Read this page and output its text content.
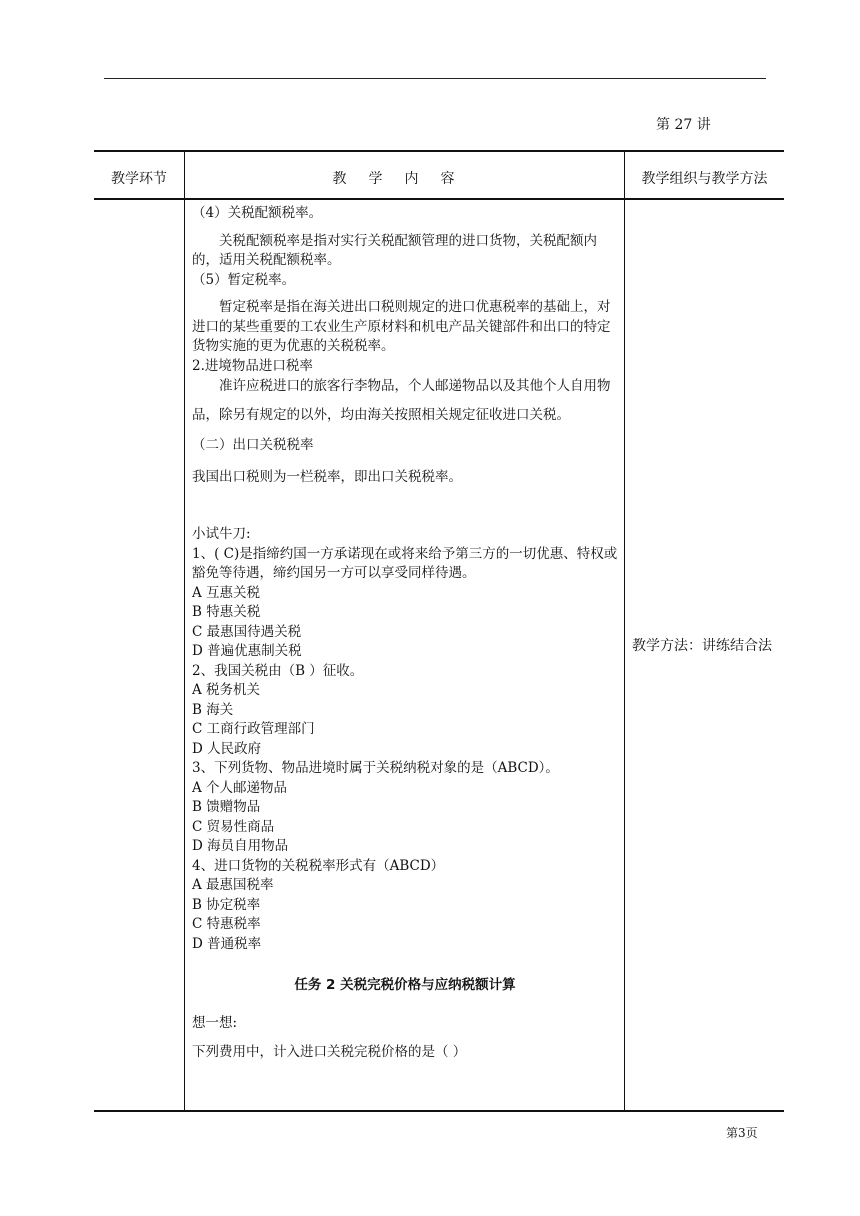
第 27 讲
教学环节	教学内容	教学组织与教学方法

（4）关税配额税率。

关税配额税率是指对实行关税配额管理的进口货物，关税配额内的，适用关税配额税率。

（5）暂定税率。

暂定税率是指在海关进出口税则规定的进口优惠税率的基础上，对进口的某些重要的工农业生产原材料和机电产品关键部件和出口的特定货物实施的更为优惠的关税税率。

2.进境物品进口税率

准许应税进口的旅客行李物品，个人邮递物品以及其他个人自用物品，除另有规定的以外，均由海关按照相关规定征收进口关税。

（二）出口关税税率

我国出口税则为一栏税率，即出口关税税率。

小试牛刀:

1、( C)是指缔约国一方承诺现在或将来给予第三方的一切优惠、特权或豁免等待遇，缔约国另一方可以享受同样待遇。

A 互惠关税

B 特惠关税

C 最惠国待遇关税

D 普遍优惠制关税

2、我国关税由（B ）征收。

A 税务机关

B 海关

C 工商行政管理部门

D 人民政府

3、下列货物、物品进境时属于关税纳税对象的是（ABCD）。

A 个人邮递物品

B 馈赠物品

C 贸易性商品

D 海员自用物品

4、进口货物的关税税率形式有（ABCD）

A 最惠国税率

B 协定税率

C 特惠税率

D 普通税率

任务 2 关税完税价格与应纳税额计算

想一想:

下列费用中，计入进口关税完税价格的是（ ）

教学方法：讲练结合法
第3页
